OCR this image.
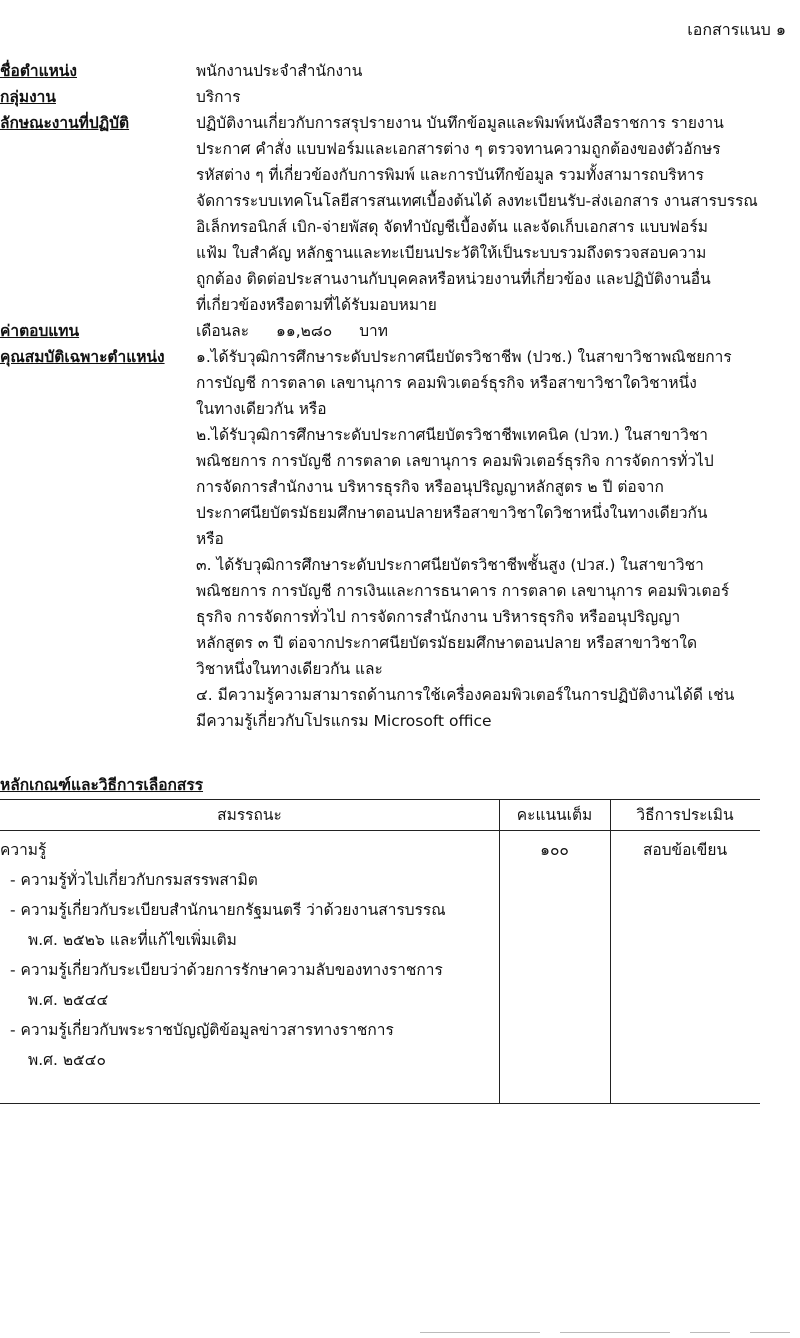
เอกสารแนบ ๑
ชื่อตำแหน่ง	พนักงานประจำสำนักงาน
กลุ่มงาน	บริการ
ลักษณะงานที่ปฏิบัติ	ปฏิบัติงานเกี่ยวกับการสรุปรายงาน บันทึกข้อมูลและพิมพ์หนังสือราชการ รายงาน

ประกาศ คำสั่ง แบบฟอร์มและเอกสารต่าง ๆ ตรวจทานความถูกต้องของตัวอักษร

รหัสต่าง ๆ ที่เกี่ยวข้องกับการพิมพ์ และการบันทึกข้อมูล รวมทั้งสามารถบริหาร

จัดการระบบเทคโนโลยีสารสนเทศเบื้องต้นได้ ลงทะเบียนรับ-ส่งเอกสาร งานสารบรรณ

อิเล็กทรอนิกส์ เบิก-จ่ายพัสดุ จัดทำบัญชีเบื้องต้น และจัดเก็บเอกสาร แบบฟอร์ม

แฟ้ม ใบสำคัญ หลักฐานและทะเบียนประวัติให้เป็นระบบรวมถึงตรวจสอบความ

ถูกต้อง ติดต่อประสานงานกับบุคคลหรือหน่วยงานที่เกี่ยวข้อง และปฏิบัติงานอื่น

ที่เกี่ยวข้องหรือตามที่ได้รับมอบหมาย

ค่าตอบแทน	เดือนละ ๑๑,๒๘๐ บาท
คุณสมบัติเฉพาะตำแหน่ง	๑.ได้รับวุฒิการศึกษาระดับประกาศนียบัตรวิชาชีพ (ปวช.) ในสาขาวิชาพณิชยการ

การบัญชี การตลาด เลขานุการ คอมพิวเตอร์ธุรกิจ หรือสาขาวิชาใดวิชาหนึ่ง

ในทางเดียวกัน หรือ

๒.ได้รับวุฒิการศึกษาระดับประกาศนียบัตรวิชาชีพเทคนิค (ปวท.) ในสาขาวิชา

พณิชยการ การบัญชี การตลาด เลขานุการ คอมพิวเตอร์ธุรกิจ การจัดการทั่วไป

การจัดการสำนักงาน บริหารธุรกิจ หรืออนุปริญญาหลักสูตร ๒ ปี ต่อจาก

ประกาศนียบัตรมัธยมศึกษาตอนปลายหรือสาขาวิชาใดวิชาหนึ่งในทางเดียวกัน

หรือ

๓. ได้รับวุฒิการศึกษาระดับประกาศนียบัตรวิชาชีพชั้นสูง (ปวส.) ในสาขาวิชา

พณิชยการ การบัญชี การเงินและการธนาคาร การตลาด เลขานุการ คอมพิวเตอร์

ธุรกิจ การจัดการทั่วไป การจัดการสำนักงาน บริหารธุรกิจ หรืออนุปริญญา

หลักสูตร ๓ ปี ต่อจากประกาศนียบัตรมัธยมศึกษาตอนปลาย หรือสาขาวิชาใด

วิชาหนึ่งในทางเดียวกัน และ

๔. มีความรู้ความสามารถด้านการใช้เครื่องคอมพิวเตอร์ในการปฏิบัติงานได้ดี เช่น

มีความรู้เกี่ยวกับโปรแกรม Microsoft office

หลักเกณฑ์และวิธีการเลือกสรร
สมรรถนะ	คะแนนเต็ม	วิธีการประเมิน
ความรู้
- ความรู้ทั่วไปเกี่ยวกับกรมสรรพสามิต
- ความรู้เกี่ยวกับระเบียบสำนักนายกรัฐมนตรี ว่าด้วยงานสารบรรณ
พ.ศ. ๒๕๒๖ และที่แก้ไขเพิ่มเติม
- ความรู้เกี่ยวกับระเบียบว่าด้วยการรักษาความลับของทางราชการ
พ.ศ. ๒๕๔๔
- ความรู้เกี่ยวกับพระราชบัญญัติข้อมูลข่าวสารทางราชการ
พ.ศ. ๒๕๔๐
๑๐๐	สอบข้อเขียน
